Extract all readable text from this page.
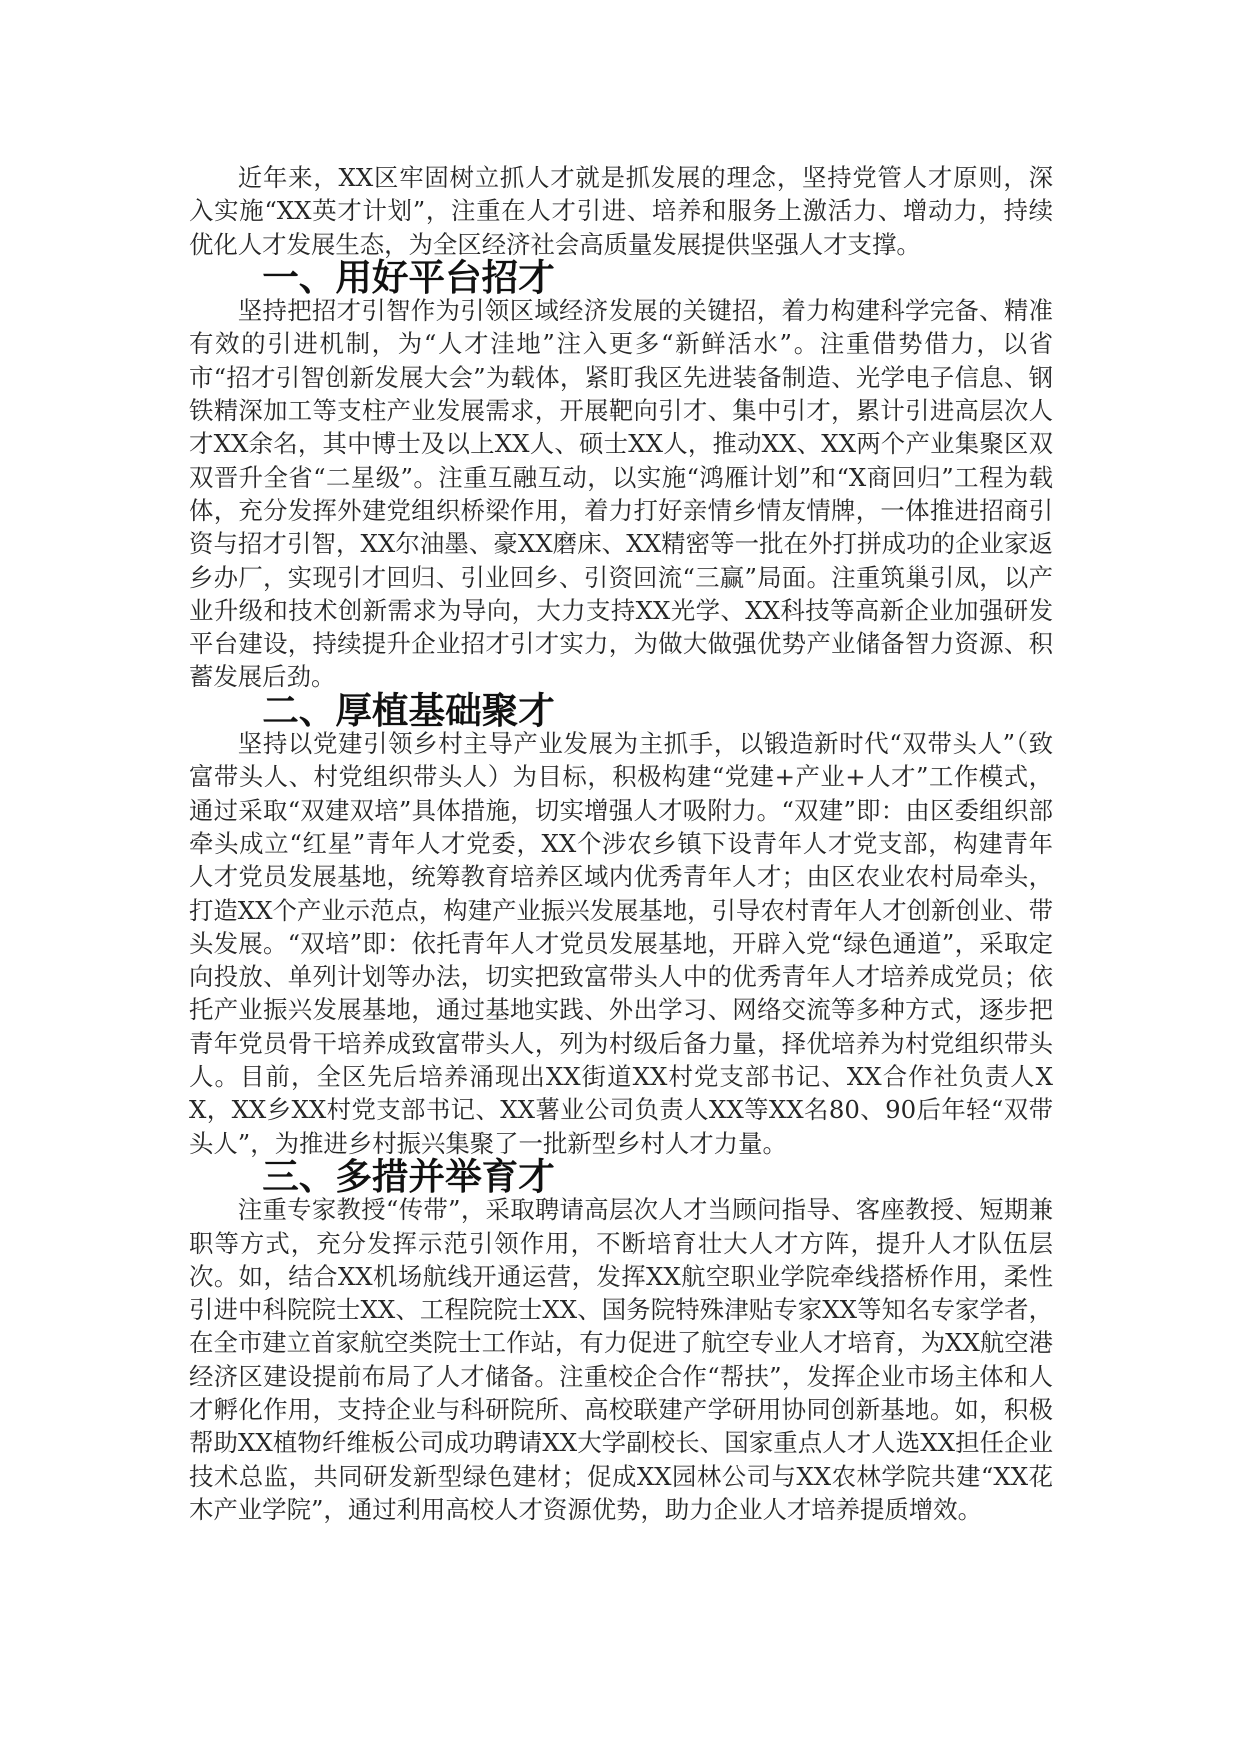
近年来，XX区牢固树立抓人才就是抓发展的理念，坚持党管人才原则，深入实施“XX英才计划”，注重在人才引进、培养和服务上激活力、增动力，持续优化人才发展生态，为全区经济社会高质量发展提供坚强人才支撑。

一、用好平台招才

坚持把招才引智作为引领区域经济发展的关键招，着力构建科学完备、精准有效的引进机制，为“人才洼地”注入更多“新鲜活水”。注重借势借力，以省市“招才引智创新发展大会”为载体，紧盯我区先进装备制造、光学电子信息、钢铁精深加工等支柱产业发展需求，开展靶向引才、集中引才，累计引进高层次人才XX余名，其中博士及以上XX人、硕士XX人，推动XX、XX两个产业集聚区双双晋升全省“二星级”。注重互融互动，以实施“鸿雁计划”和“X商回归”工程为载体，充分发挥外建党组织桥梁作用，着力打好亲情乡情友情牌，一体推进招商引资与招才引智，XX尔油墨、豪XX磨床、XX精密等一批在外打拼成功的企业家返乡办厂，实现引才回归、引业回乡、引资回流“三赢”局面。注重筑巢引凤，以产业升级和技术创新需求为导向，大力支持XX光学、XX科技等高新企业加强研发平台建设，持续提升企业招才引才实力，为做大做强优势产业储备智力资源、积蓄发展后劲。

二、厚植基础聚才

坚持以党建引领乡村主导产业发展为主抓手，以锻造新时代“双带头人”（致富带头人、村党组织带头人）为目标，积极构建“党建+产业+人才”工作模式，通过采取“双建双培”具体措施，切实增强人才吸附力。“双建”即：由区委组织部牵头成立“红星”青年人才党委，XX个涉农乡镇下设青年人才党支部，构建青年人才党员发展基地，统筹教育培养区域内优秀青年人才；由区农业农村局牵头，打造XX个产业示范点，构建产业振兴发展基地，引导农村青年人才创新创业、带头发展。“双培”即：依托青年人才党员发展基地，开辟入党“绿色通道”，采取定向投放、单列计划等办法，切实把致富带头人中的优秀青年人才培养成党员；依托产业振兴发展基地，通过基地实践、外出学习、网络交流等多种方式，逐步把青年党员骨干培养成致富带头人，列为村级后备力量，择优培养为村党组织带头人。目前，全区先后培养涌现出XX街道XX村党支部书记、XX合作社负责人XX，XX乡XX村党支部书记、XX薯业公司负责人XX等XX名80、90后年轻“双带头人”，为推进乡村振兴集聚了一批新型乡村人才力量。

三、多措并举育才

注重专家教授“传带”，采取聘请高层次人才当顾问指导、客座教授、短期兼职等方式，充分发挥示范引领作用，不断培育壮大人才方阵，提升人才队伍层次。如，结合XX机场航线开通运营，发挥XX航空职业学院牵线搭桥作用，柔性引进中科院院士XX、工程院院士XX、国务院特殊津贴专家XX等知名专家学者，在全市建立首家航空类院士工作站，有力促进了航空专业人才培育，为XX航空港经济区建设提前布局了人才储备。注重校企合作“帮扶”，发挥企业市场主体和人才孵化作用，支持企业与科研院所、高校联建产学研用协同创新基地。如，积极帮助XX植物纤维板公司成功聘请XX大学副校长、国家重点人才人选XX担任企业技术总监，共同研发新型绿色建材；促成XX园林公司与XX农林学院共建“XX花木产业学院”，通过利用高校人才资源优势，助力企业人才培养提质增效。
